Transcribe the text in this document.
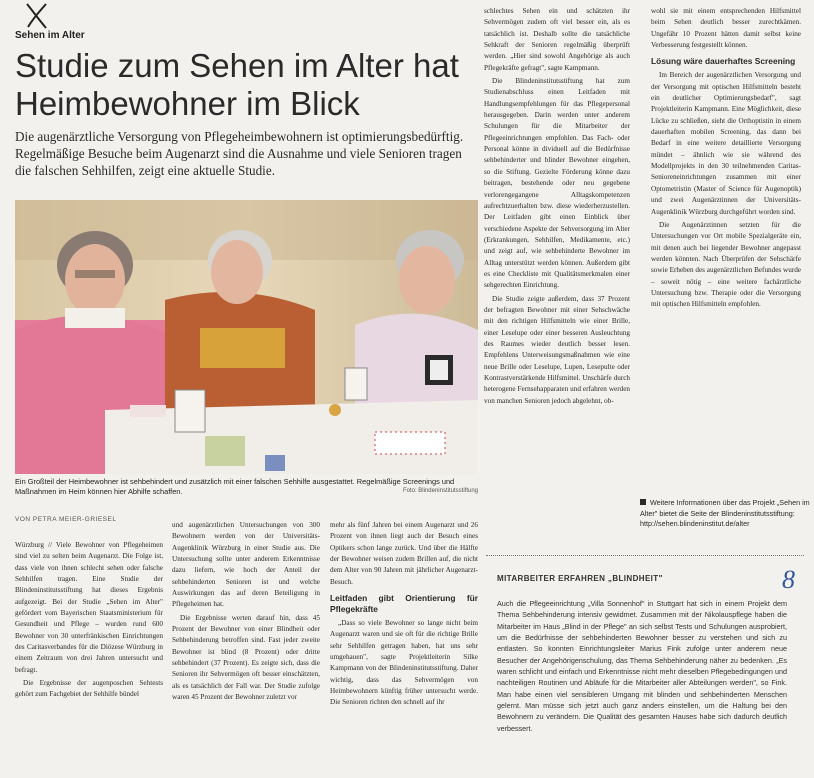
Sehen im Alter
Studie zum Sehen im Alter hat Heimbewohner im Blick

Die augenärztliche Versorgung von Pflegeheimbewohnern ist optimierungsbedürftig. Regelmäßige Besuche beim Augenarzt sind die Ausnahme und viele Senioren tragen die falschen Sehhilfen, zeigt eine aktuelle Studie.

Ein Großteil der Heimbewohner ist sehbehindert und zusätzlich mit einer falschen Sehhilfe ausgestattet. Regelmäßige Screenings und Maßnahmen im Heim können hier Abhilfe schaffen.	Foto: Blindeninstitutsstiftung
VON PETRA MEIER-GRIESEL

Würzburg // Viele Bewohner von Pflegeheimen sind viel zu selten beim Augenarzt. Die Folge ist, dass viele von ihnen schlecht sehen oder falsche Sehhilfen tragen. Eine Studie der Blindeninstitutsstiftung hat dieses Ergebnis aufgezeigt. Bei der Studie „Sehen im Alter" gefördert vom Bayerischen Staatsministerium für Gesundheit und Pflege – wurden rund 600 Bewohner von 30 unterfränkischen Einrichtungen des Caritasverbandes für die Diözese Würzburg in einem Zeitraum von drei Jahren untersucht und befragt.

Die Ergebnisse der augenposchen Sehtests gehört zum Fachgebiet der Sehhilfe bündel

und augenärztlichen Untersuchungen von 300 Bewohnern werden von der Universitäts-Augenklinik Würzburg in einer Studie aus. Die Untersuchung sollte unter anderem Erkenntnisse dazu liefern, wie hoch der Anteil der sehbehinderten Senioren ist und welche Auswirkungen das auf deren Beteiligung in Pflegeheimen hat.

Die Ergebnisse werten darauf hin, dass 45 Prozent der Bewohner von einer Blindheit oder Sehbehinderung betroffen sind. Fast jeder zweite Bewohner ist blind (8 Prozent) oder dritte sehbehindert (37 Prozent). Es zeigte sich, dass die Senioren ihr Sehvermögen oft besser einschätzten, als es tatsächlich der Fall war. Der Studie zufolge waren 45 Prozent der Bewohner zuletzt vor

mehr als fünf Jahren bei einem Augenarzt und 26 Prozent von ihnen liegt auch der Besuch eines Optikers schon lange zurück. Und über die Hälfte der Bewohner weisen zudem Brillen auf, die nicht dem Alter von 90 Jahren mit jährlicher Augenarzt-Besuch.

Leitfaden gibt Orientierung für Pflegekräfte

„Dass so viele Bewohner so lange nicht beim Augenarzt waren und sie oft für die richtige Brille sehr Sehhilfen getragen haben, hat uns sehr umgehauen", sagte Projektleiterin Silke Kampmann von der Blindeninstitutsstiftung. Daher wichtig, dass das Sehvermögen von Heimbewohnern künftig früher untersucht werde. Die Senioren richten den schnell auf ihr

schlechtes Sehen ein und schätzten ihr Sehvermögen zudem oft viel besser ein, als es tatsächlich ist. Deshalb sollte die tatsächliche Sehkraft der Senioren regelmäßig überprüft werden. „Hier sind sowohl Angehörige als auch Pflegekräfte gefragt", sagte Kampmann.

Die Blindeninstitutsstiftung hat zum Studienabschluss einen Leitfaden mit Handlungsempfehlungen für das Pflegepersonal herausgegeben. Darin werden unter anderem Schulungen für die Mitarbeiter der Pflegeeinrichtungen empfohlen. Das Fach- oder Personal könne in dividuell auf die Bedürfnisse sehbehinderter und blinder Bewohner eingehen, so die Stiftung. Gezielte Förderung könne dazu beitragen, bestehende oder neu gegebene verlorengegangene Alltagskompetenzen aufrechtzuerhalten bzw. diese wiederherzustellen. Der Leitfaden gibt einen Einblick über verschiedene Aspekte der Sehversorgung im Alter (Erkrankungen, Sehhilfen, Medikamente, etc.) und zeigt auf, wie sehbehinderte Bewohner im Alltag unterstützt werden können. Außerdem gibt es eine Checkliste mit Qualitätsmerkmalen einer sehgerechten Einrichtung.

Die Studie zeigte außerdem, dass 37 Prozent der befragten Bewohner mit einer Sehschwäche mit den richtigen Hilfsmitteln wie einer Brille, einer Leselupe oder einer besseren Ausleuchtung des Raumes wieder deutlich besser lesen. Empfehlens Unterweisungsmaßnahmen wie eine neue Brille oder Leselupe, Lupen, Lesepulte oder Kontrastverstärkende Hilfsmittel. Unschärfe durch heterogene Fernsehapparaten und erfahren werden von manchen Senioren jedoch abgelehnt, ob-

wohl sie mit einem entsprechenden Hilfsmittel beim Sehen deutlich besser zurechtkämen. Ungefähr 10 Prozent hätten damit selbst keine Verbesserung festgestellt können.

Lösung wäre dauerhaftes Screening

Im Bereich der augenärztlichen Versorgung und der Versorgung mit optischen Hilfsmitteln besteht ein deutlicher Optimierungsbedarf", sagt Projektleiterin Kampmann. Eine Möglichkeit, diese Lücke zu schließen, sieht die Orthoptistin in einem dauerhaften mobilen Screening, das dann bei Bedarf in eine weitere detaillierte Versorgung mündet – ähnlich wie sie während des Modellprojekts in den 30 teilnehmenden Caritas-Senioreneinrichtungen zusammen mit einer Optometristin (Master of Science für Augenoptik) und zwei Augenärztinnen der Universitäts-Augenklinik Würzburg durchgeführt worden sind.

Die Augenärztinnen setzten für die Untersuchungen vor Ort mobile Spezialgeräte ein, mit denen auch bei liegender Bewohner angepasst werden könnten. Nach Überprüfen der Sehschärfe sowie Erheben des augenärztlichen Befundes wurde – soweit nötig – eine weitere fachärztliche Untersuchung bzw. Therapie oder die Versorgung mit optischen Hilfsmitteln empfohlen.

Weitere Informationen über das Projekt „Sehen im Alter" bietet die Seite der Blindeninstitutsstiftung: http://sehen.blindeninstitut.de/alter
MITARBEITER ERFAHREN „BLINDHEIT"	8

Auch die Pflegeeinrichtung „Villa Sonnenhof" in Stuttgart hat sich in einem Projekt dem Thema Sehbehinderung intensiv gewidmet. Zusammen mit der Nikolauspflege haben die Mitarbeiter im Haus „Blind in der Pflege" an sich selbst Tests und Schulungen ausprobiert, um die Bedürfnisse der sehbehinderten Bewohner besser zu verstehen und sich zu entlasten. So konnten Einrichtungsleiter Marius Fink zufolge unter anderem neue Besucher der Angehörigenschulung, das Thema Sehbehinderung näher zu bedenken. „Es waren schlicht und einfach und Erkenntnisse nicht mehr dieselben Pflegebedingungen und nachteiligen Routinen und Abläufe für die Mitarbeiter aller Abteilungen werden", so Fink. Man habe einen viel sensibleren Umgang mit blinden und sehbehinderten Menschen gelernt. Man müsse sich jetzt auch ganz anders einstellen, um die Haltung bei den Bewohnern zu verändern. Die Qualität des gesamten Hauses habe sich dadurch deutlich verbessert.
